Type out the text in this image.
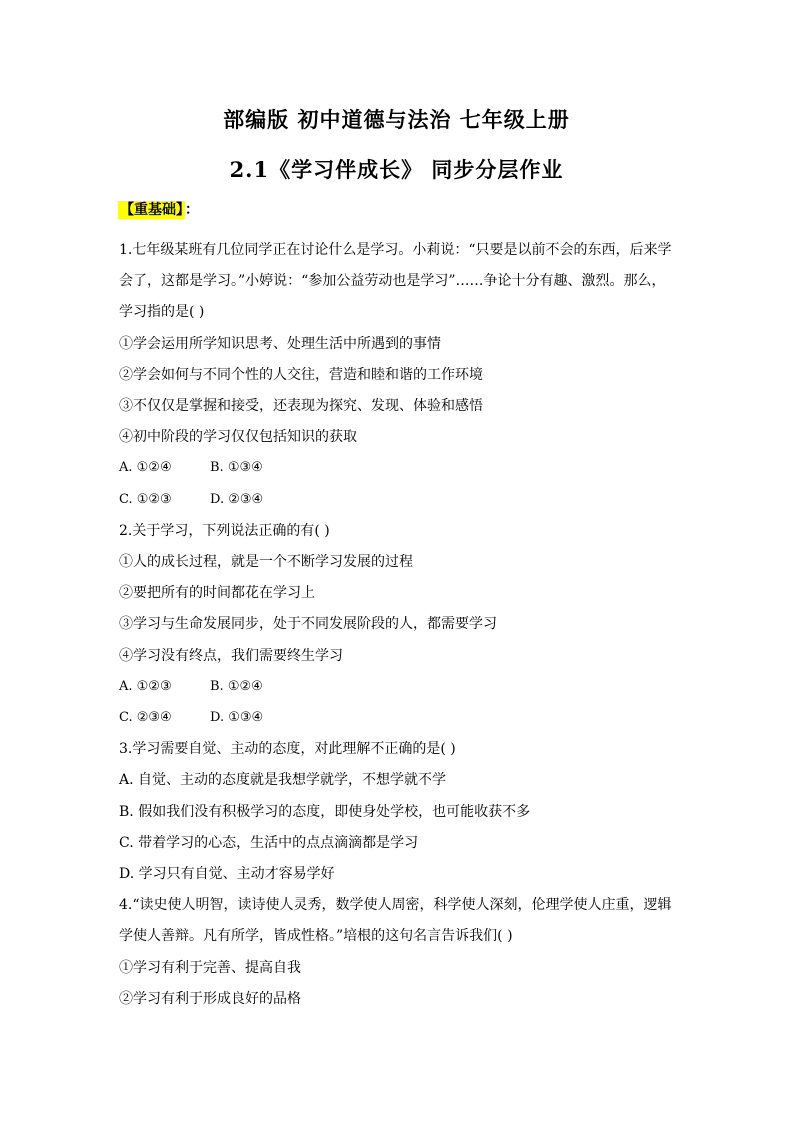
部编版 初中道德与法治 七年级上册
2.1《学习伴成长》 同步分层作业
【重基础】 ：
1.七年级某班有几位同学正在讨论什么是学习。小莉说：“只要是以前不会的东西，后来学
会了，这都是学习。”小婷说：“参加公益劳动也是学习”……争论十分有趣、激烈。那么，
学习指的是( )
①学会运用所学知识思考、处理生活中所遇到的事情
②学会如何与不同个性的人交往，营造和睦和谐的工作环境
③不仅仅是掌握和接受，还表现为探究、发现、体验和感悟
④初中阶段的学习仅仅包括知识的获取
A. ①②④	B. ①③④
C. ①②③	D. ②③④
2.关于学习，下列说法正确的有( )
①人的成长过程，就是一个不断学习发展的过程
②要把所有的时间都花在学习上
③学习与生命发展同步，处于不同发展阶段的人，都需要学习
④学习没有终点，我们需要终生学习
A. ①②③	B. ①②④
C. ②③④	D. ①③④
3.学习需要自觉、主动的态度，对此理解不正确的是( )
A. 自觉、主动的态度就是我想学就学，不想学就不学
B. 假如我们没有积极学习的态度，即使身处学校，也可能收获不多
C. 带着学习的心态，生活中的点点滴滴都是学习
D. 学习只有自觉、主动才容易学好
4.“读史使人明智，读诗使人灵秀，数学使人周密，科学使人深刻，伦理学使人庄重，逻辑
学使人善辩。凡有所学，皆成性格。”培根的这句名言告诉我们( )
①学习有利于完善、提高自我
②学习有利于形成良好的品格
